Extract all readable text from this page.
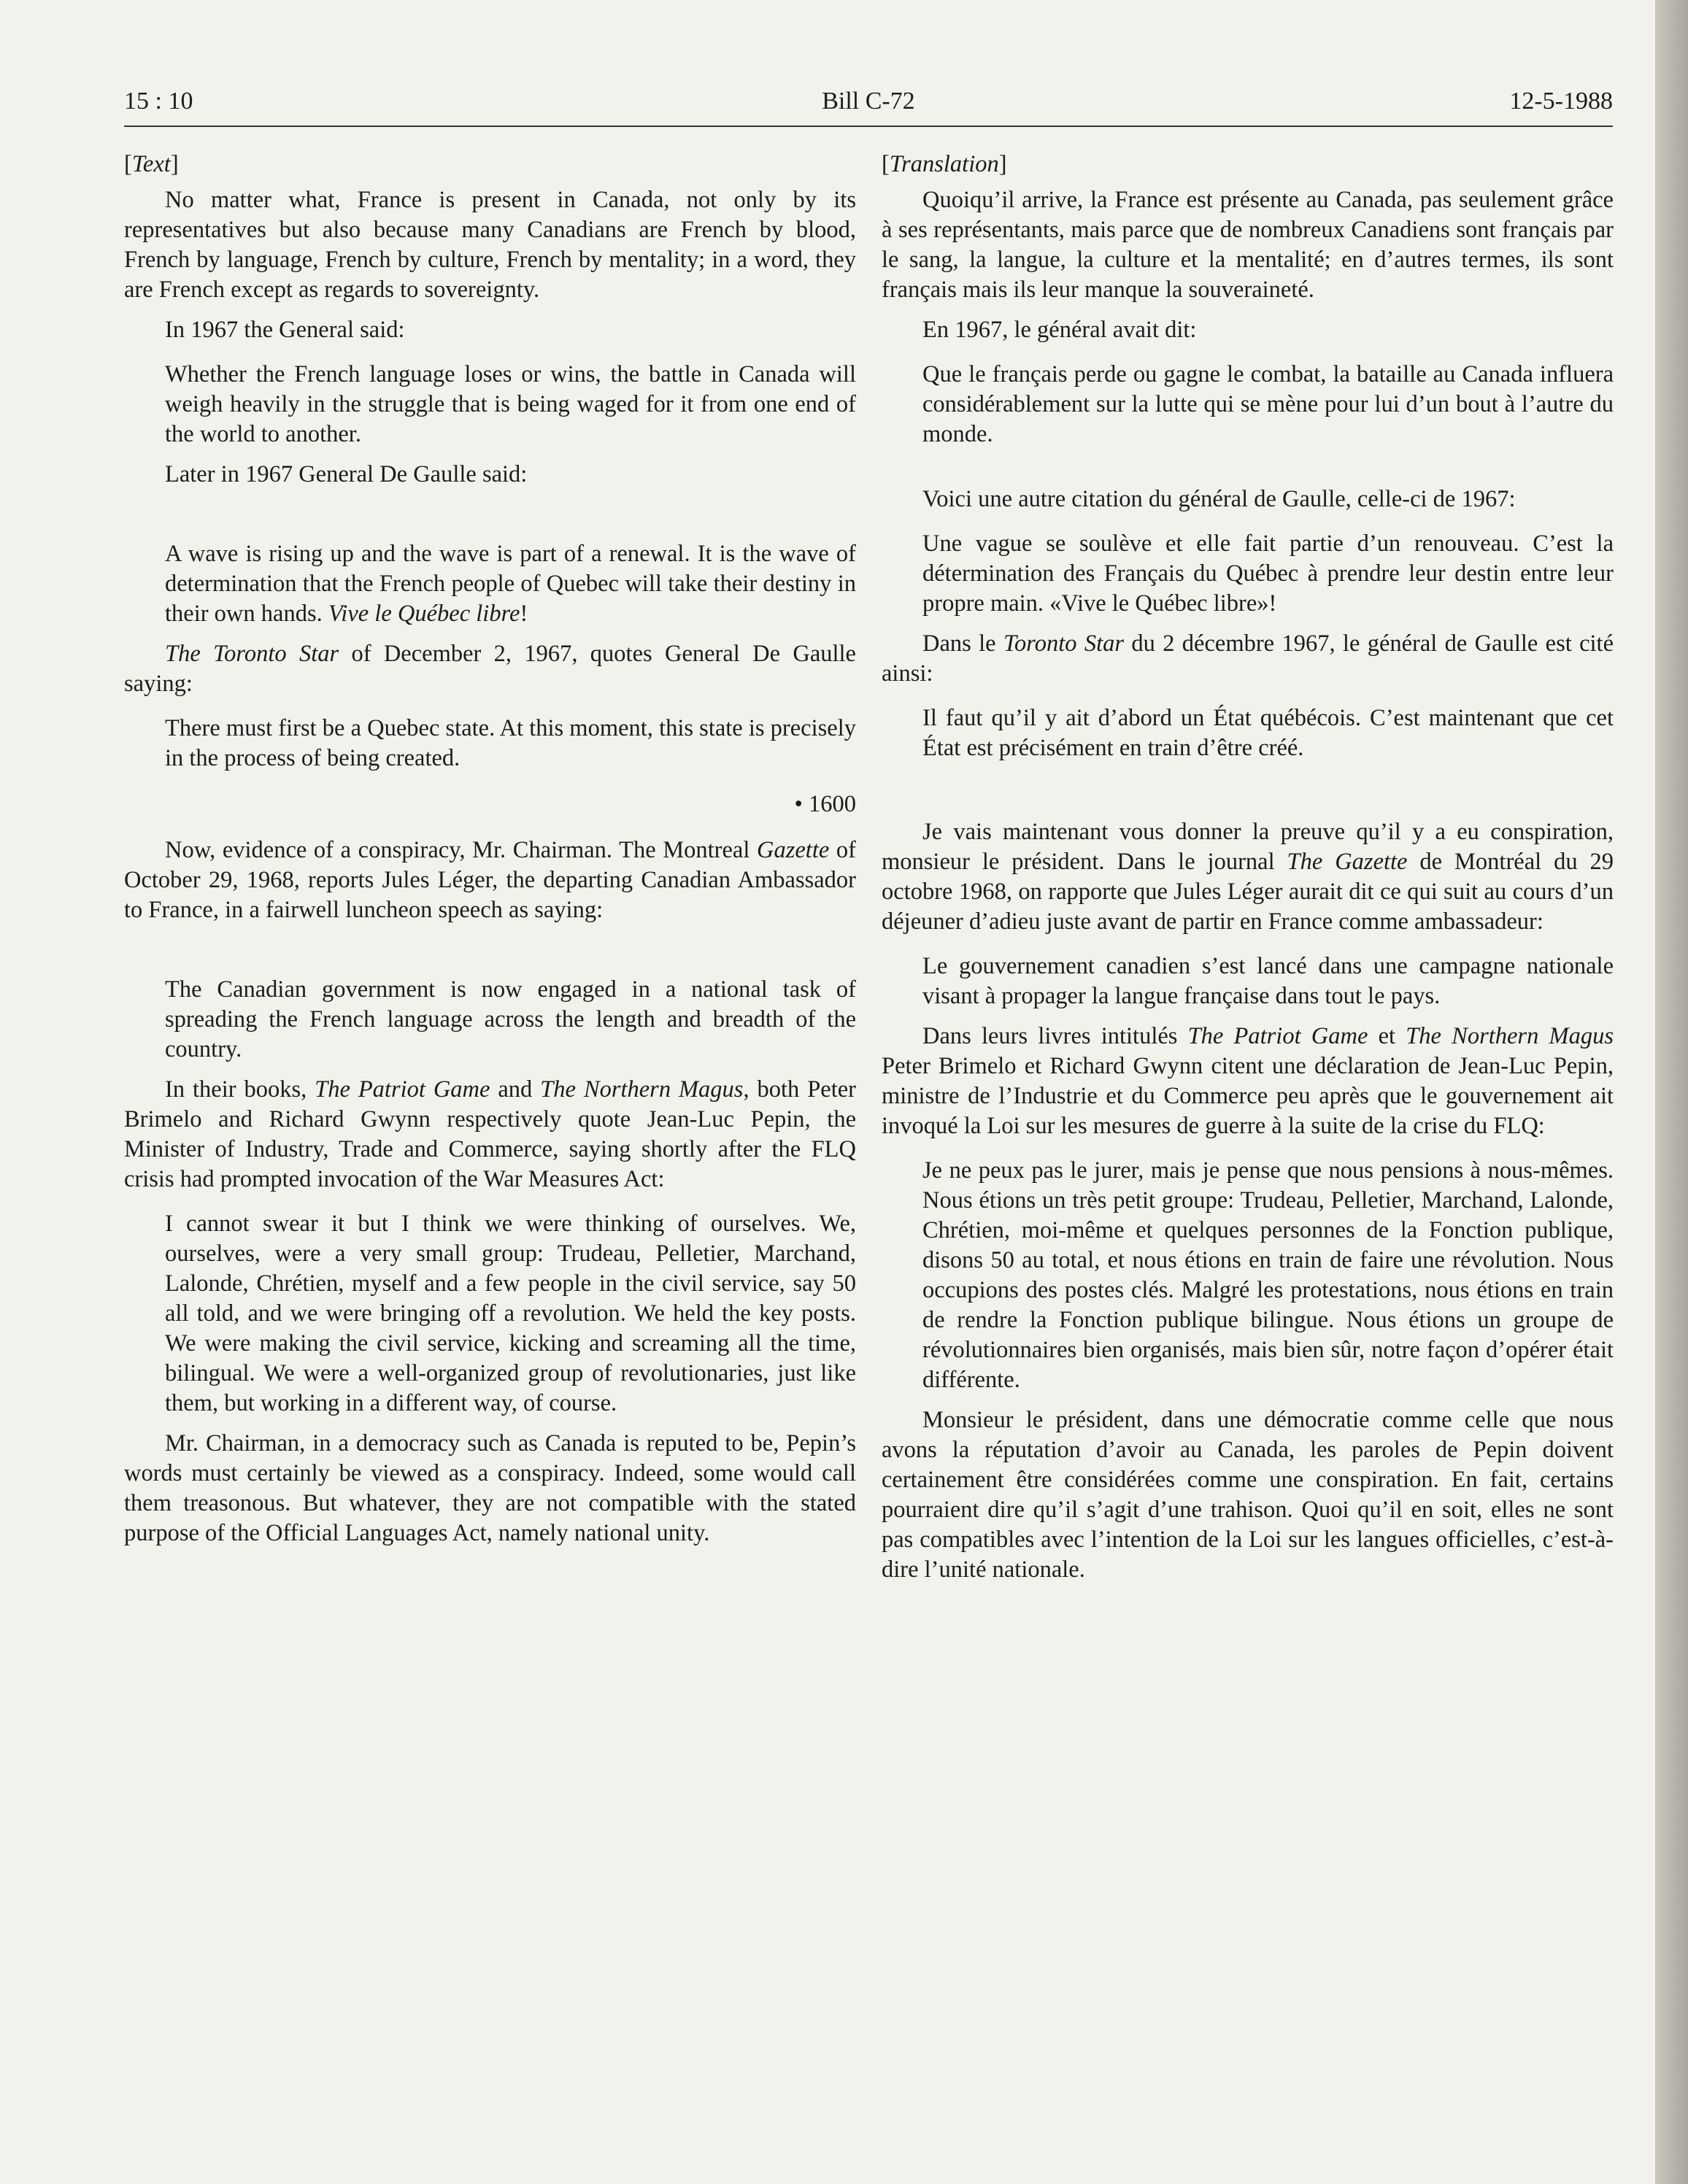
15 : 10	Bill C-72	12-5-1988
[ Text ]

No matter what, France is present in Canada, not only by its representatives but also because many Canadians are French by blood, French by language, French by culture, French by mentality; in a word, they are French except as regards to sovereignty.

In 1967 the General said:

Whether the French language loses or wins, the battle in Canada will weigh heavily in the struggle that is being waged for it from one end of the world to another.

Later in 1967 General De Gaulle said:

A wave is rising up and the wave is part of a renewal. It is the wave of determination that the French people of Quebec will take their destiny in their own hands. Vive le Québec libre!

The Toronto Star of December 2, 1967, quotes General De Gaulle saying:

There must first be a Quebec state. At this moment, this state is precisely in the process of being created.
• 1600

Now, evidence of a conspiracy, Mr. Chairman. The Montreal Gazette of October 29, 1968, reports Jules Léger, the departing Canadian Ambassador to France, in a fairwell luncheon speech as saying:

The Canadian government is now engaged in a national task of spreading the French language across the length and breadth of the country.

In their books, The Patriot Game and The Northern Magus, both Peter Brimelo and Richard Gwynn respectively quote Jean-Luc Pepin, the Minister of Industry, Trade and Commerce, saying shortly after the FLQ crisis had prompted invocation of the War Measures Act:

I cannot swear it but I think we were thinking of ourselves. We, ourselves, were a very small group: Trudeau, Pelletier, Marchand, Lalonde, Chrétien, myself and a few people in the civil service, say 50 all told, and we were bringing off a revolution. We held the key posts. We were making the civil service, kicking and screaming all the time, bilingual. We were a well-organized group of revolutionaries, just like them, but working in a different way, of course.

Mr. Chairman, in a democracy such as Canada is reputed to be, Pepin’s words must certainly be viewed as a conspiracy. Indeed, some would call them treasonous. But whatever, they are not compatible with the stated purpose of the Official Languages Act, namely national unity.

[ Translation ]

Quoiqu’il arrive, la France est présente au Canada, pas seulement grâce à ses représentants, mais parce que de nombreux Canadiens sont français par le sang, la langue, la culture et la mentalité; en d’autres termes, ils sont français mais ils leur manque la souveraineté.

En 1967, le général avait dit:

Que le français perde ou gagne le combat, la bataille au Canada influera considérablement sur la lutte qui se mène pour lui d’un bout à l’autre du monde.

Voici une autre citation du général de Gaulle, celle-ci de 1967:

Une vague se soulève et elle fait partie d’un renouveau. C’est la détermination des Français du Québec à prendre leur destin entre leur propre main. «Vive le Québec libre»!

Dans le Toronto Star du 2 décembre 1967, le général de Gaulle est cité ainsi:

Il faut qu’il y ait d’abord un État québécois. C’est maintenant que cet État est précisément en train d’être créé.

Je vais maintenant vous donner la preuve qu’il y a eu conspiration, monsieur le président. Dans le journal The Gazette de Montréal du 29 octobre 1968, on rapporte que Jules Léger aurait dit ce qui suit au cours d’un déjeuner d’adieu juste avant de partir en France comme ambassadeur:

Le gouvernement canadien s’est lancé dans une campagne nationale visant à propager la langue française dans tout le pays.

Dans leurs livres intitulés The Patriot Game et The Northern Magus Peter Brimelo et Richard Gwynn citent une déclaration de Jean-Luc Pepin, ministre de l’Industrie et du Commerce peu après que le gouvernement ait invoqué la Loi sur les mesures de guerre à la suite de la crise du FLQ:

Je ne peux pas le jurer, mais je pense que nous pensions à nous-mêmes. Nous étions un très petit groupe: Trudeau, Pelletier, Marchand, Lalonde, Chrétien, moi-même et quelques personnes de la Fonction publique, disons 50 au total, et nous étions en train de faire une révolution. Nous occupions des postes clés. Malgré les protestations, nous étions en train de rendre la Fonction publique bilingue. Nous étions un groupe de révolutionnaires bien organisés, mais bien sûr, notre façon d’opérer était différente.

Monsieur le président, dans une démocratie comme celle que nous avons la réputation d’avoir au Canada, les paroles de Pepin doivent certainement être considérées comme une conspiration. En fait, certains pourraient dire qu’il s’agit d’une trahison. Quoi qu’il en soit, elles ne sont pas compatibles avec l’intention de la Loi sur les langues officielles, c’est-à-dire l’unité nationale.
